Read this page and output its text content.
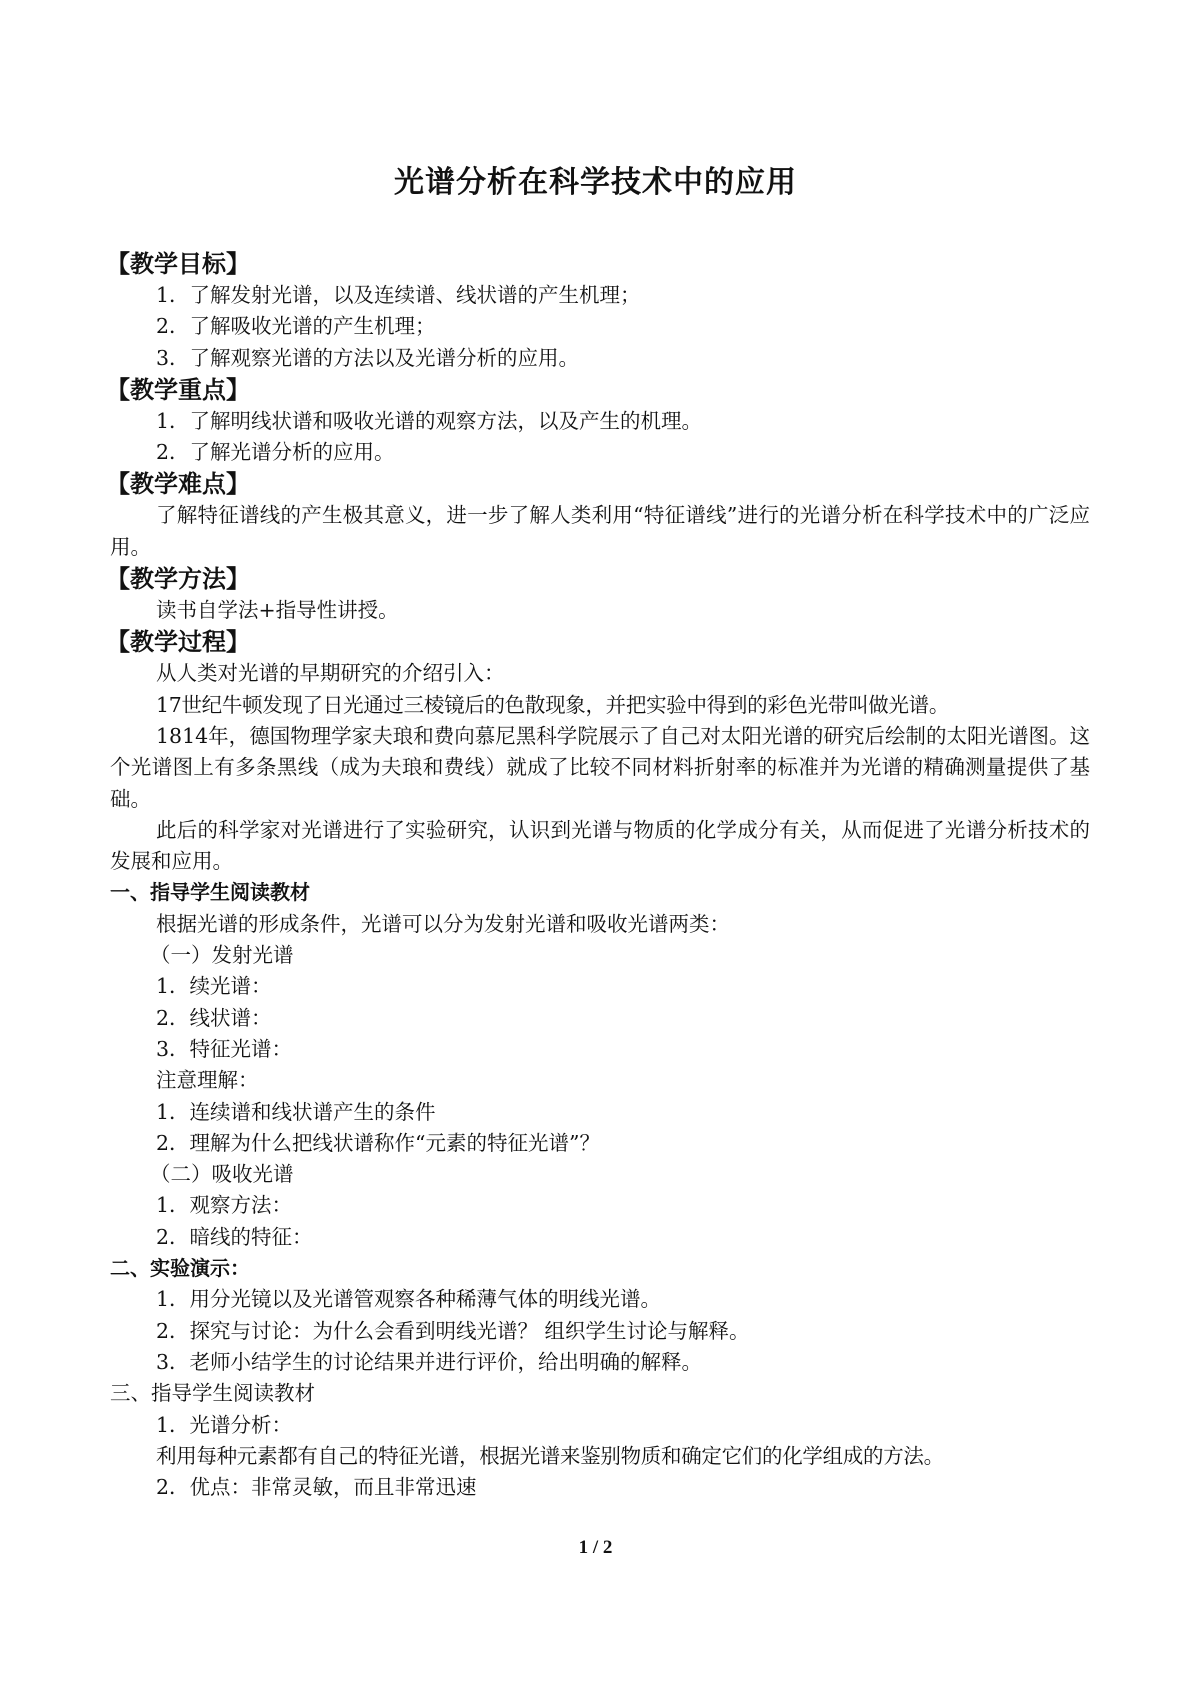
光谱分析在科学技术中的应用
【教学目标】
1．了解发射光谱，以及连续谱、线状谱的产生机理；
2．了解吸收光谱的产生机理；
3．了解观察光谱的方法以及光谱分析的应用。
【教学重点】
1．了解明线状谱和吸收光谱的观察方法，以及产生的机理。
2．了解光谱分析的应用。
【教学难点】
了解特征谱线的产生极其意义，进一步了解人类利用“特征谱线”进行的光谱分析在科学技术中的广泛应用。
【教学方法】
读书自学法+指导性讲授。
【教学过程】
从人类对光谱的早期研究的介绍引入：
17世纪牛顿发现了日光通过三棱镜后的色散现象，并把实验中得到的彩色光带叫做光谱。
1814年，德国物理学家夫琅和费向慕尼黑科学院展示了自己对太阳光谱的研究后绘制的太阳光谱图。这个光谱图上有多条黑线（成为夫琅和费线）就成了比较不同材料折射率的标准并为光谱的精确测量提供了基础。
此后的科学家对光谱进行了实验研究，认识到光谱与物质的化学成分有关，从而促进了光谱分析技术的发展和应用。
一、指导学生阅读教材
根据光谱的形成条件，光谱可以分为发射光谱和吸收光谱两类：
（一）发射光谱
1．续光谱：
2．线状谱：
3．特征光谱：
注意理解：
1．连续谱和线状谱产生的条件
2．理解为什么把线状谱称作“元素的特征光谱”？
（二）吸收光谱
1．观察方法：
2．暗线的特征：
二、实验演示：
1．用分光镜以及光谱管观察各种稀薄气体的明线光谱。
2．探究与讨论：为什么会看到明线光谱？ 组织学生讨论与解释。
3．老师小结学生的讨论结果并进行评价，给出明确的解释。
三、指导学生阅读教材
1．光谱分析：
利用每种元素都有自己的特征光谱，根据光谱来鉴别物质和确定它们的化学组成的方法。
2．优点：非常灵敏，而且非常迅速
1 / 2
